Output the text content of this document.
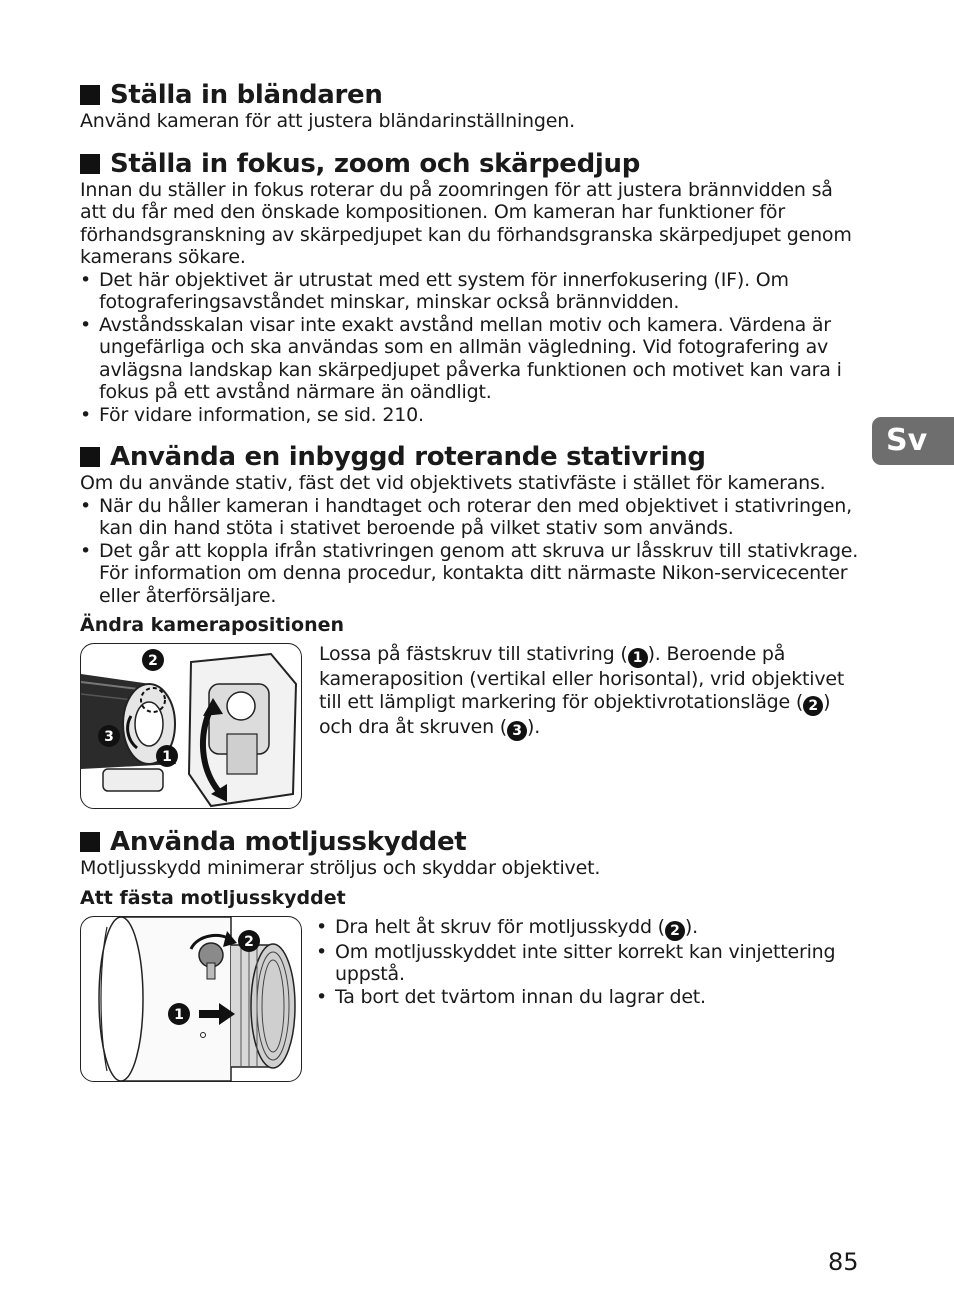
Sv
Ställa in bländaren

Använd kameran för att justera bländarinställningen.

Ställa in fokus, zoom och skärpedjup

Innan du ställer in fokus roterar du på zoomringen för att justera brännvidden så att du får med den önskade kompositionen. Om kameran har funktioner för förhandsgranskning av skärpedjupet kan du förhandsgranska skärpedjupet genom kamerans sökare.

• Det här objektivet är utrustat med ett system för innerfokusering (IF). Om fotograferingsavståndet minskar, minskar också brännvidden.
• Avståndsskalan visar inte exakt avstånd mellan motiv och kamera. Värdena är ungefärliga och ska användas som en allmän vägledning. Vid fotografering av avlägsna landskap kan skärpedjupet påverka funktionen och motivet kan vara i fokus på ett avstånd närmare än oändligt.
• För vidare information, se sid. 210.
Använda en inbyggd roterande stativring

Om du använde stativ, fäst det vid objektivets stativfäste i stället för kamerans.

• När du håller kameran i handtaget och roterar den med objektivet i stativringen, kan din hand stöta i stativet beroende på vilket stativ som används.
• Det går att koppla ifrån stativringen genom att skruva ur låsskruv till stativkrage. För information om denna procedur, kontakta ditt närmaste Nikon-servicecenter eller återförsäljare.
Ändra kamerapositionen
2
3
1

Lossa på fästskruv till stativring ( 1 ). Beroende på kameraposition (vertikal eller horisontal), vrid objektivet till ett lämpligt markering för objektivrotationsläge ( 2 ) och dra åt skruven ( 3 ).

Använda motljusskyddet

Motljusskydd minimerar ströljus och skyddar objektivet.

Att fästa motljusskyddet
2
1
• Dra helt åt skruv för motljusskydd ( 2 ).
• Om motljusskyddet inte sitter korrekt kan vinjettering uppstå.
• Ta bort det tvärtom innan du lagrar det.
85
